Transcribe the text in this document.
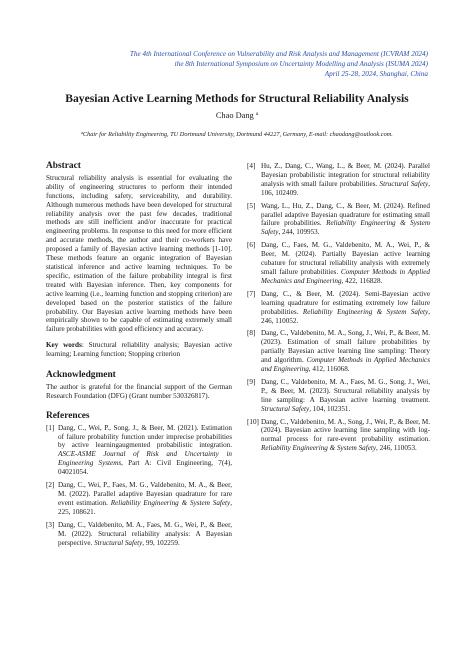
The 4th International Conference on Vulnerability and Risk Analysis and Management (ICVRAM 2024)
the 8th International Symposium on Uncertainty Modelling and Analysis (ISUMA 2024)
April 25-28, 2024, Shanghai, China
Bayesian Active Learning Methods for Structural Reliability Analysis
Chao Dang ª
ªChair for Reliability Engineering, TU Dortmund University, Dortmund 44227, Germany, E-mail: chaodang@outlook.com.
Abstract

Structural reliability analysis is essential for evaluating the ability of engineering structures to perform their intended functions, including safety, serviceability, and durability. Although numerous methods have been developed for structural reliability analysis over the past few decades, traditional methods are still inefficient and/or inaccurate for practical engineering problems. In response to this need for more efficient and accurate methods, the author and their co-workers have proposed a family of Bayesian active learning methods [1-10]. These methods feature an organic integration of Bayesian statistical inference and active learning techniques. To be specific, estimation of the failure probability integral is first treated with Bayesian inference. Then, key components for active learning (i.e., learning function and stopping criterion) are developed based on the posterior statistics of the failure probability. Our Bayesian active learning methods have been empirically shown to be capable of estimating extremely small failure probabilities with good efficiency and accuracy.

Key words: Structural reliability analysis; Bayesian active learning; Learning function; Stopping criterion

Acknowledgment

The author is grateful for the financial support of the German Research Foundation (DFG) (Grant number 530326817).

References
[1] Dang, C., Wei, P., Song, J., & Beer, M. (2021). Estimation of failure probability function under imprecise probabilities by active learningaugmented probabilistic integration. ASCE-ASME Journal of Risk and Uncertainty in Engineering Systems, Part A: Civil Engineering, 7(4), 04021054.
[2] Dang, C., Wei, P., Faes, M. G., Valdebenito, M. A., & Beer, M. (2022). Parallel adaptive Bayesian quadrature for rare event estimation. Reliability Engineering & System Safety, 225, 108621.
[3] Dang, C., Valdebenito, M. A., Faes, M. G., Wei, P., & Beer, M. (2022). Structural reliability analysis: A Bayesian perspective. Structural Safety, 99, 102259.
[4] Hu, Z., Dang, C., Wang, L., & Beer, M. (2024). Parallel Bayesian probabilistic integration for structural reliability analysis with small failure probabilities. Structural Safety, 106, 102409.
[5] Wang, L., Hu, Z., Dang, C., & Beer, M. (2024). Refined parallel adaptive Bayesian quadrature for estimating small failure probabilities. Reliability Engineering & System Safety, 244, 109953.
[6] Dang, C., Faes, M. G., Valdebenito, M. A., Wei, P., & Beer, M. (2024). Partially Bayesian active learning cubature for structural reliability analysis with extremely small failure probabilities. Computer Methods in Applied Mechanics and Engineering, 422, 116828.
[7] Dang, C., & Beer, M. (2024). Semi-Bayesian active learning quadrature for estimating extremely low failure probabilities. Reliability Engineering & System Safety, 246, 110052.
[8] Dang, C., Valdebenito, M. A., Song, J., Wei, P., & Beer, M. (2023). Estimation of small failure probabilities by partially Bayesian active learning line sampling: Theory and algorithm. Computer Methods in Applied Mechanics and Engineering, 412, 116068.
[9] Dang, C., Valdebenito, M. A., Faes, M. G., Song, J., Wei, P., & Beer, M. (2023). Structural reliability analysis by line sampling: A Bayesian active learning treatment. Structural Safety, 104, 102351.
[10] Dang, C., Valdebenito, M. A., Song, J., Wei, P., & Beer, M. (2024). Bayesian active learning line sampling with log-normal process for rare-event probability estimation. Reliability Engineering & System Safety, 246, 110053.
